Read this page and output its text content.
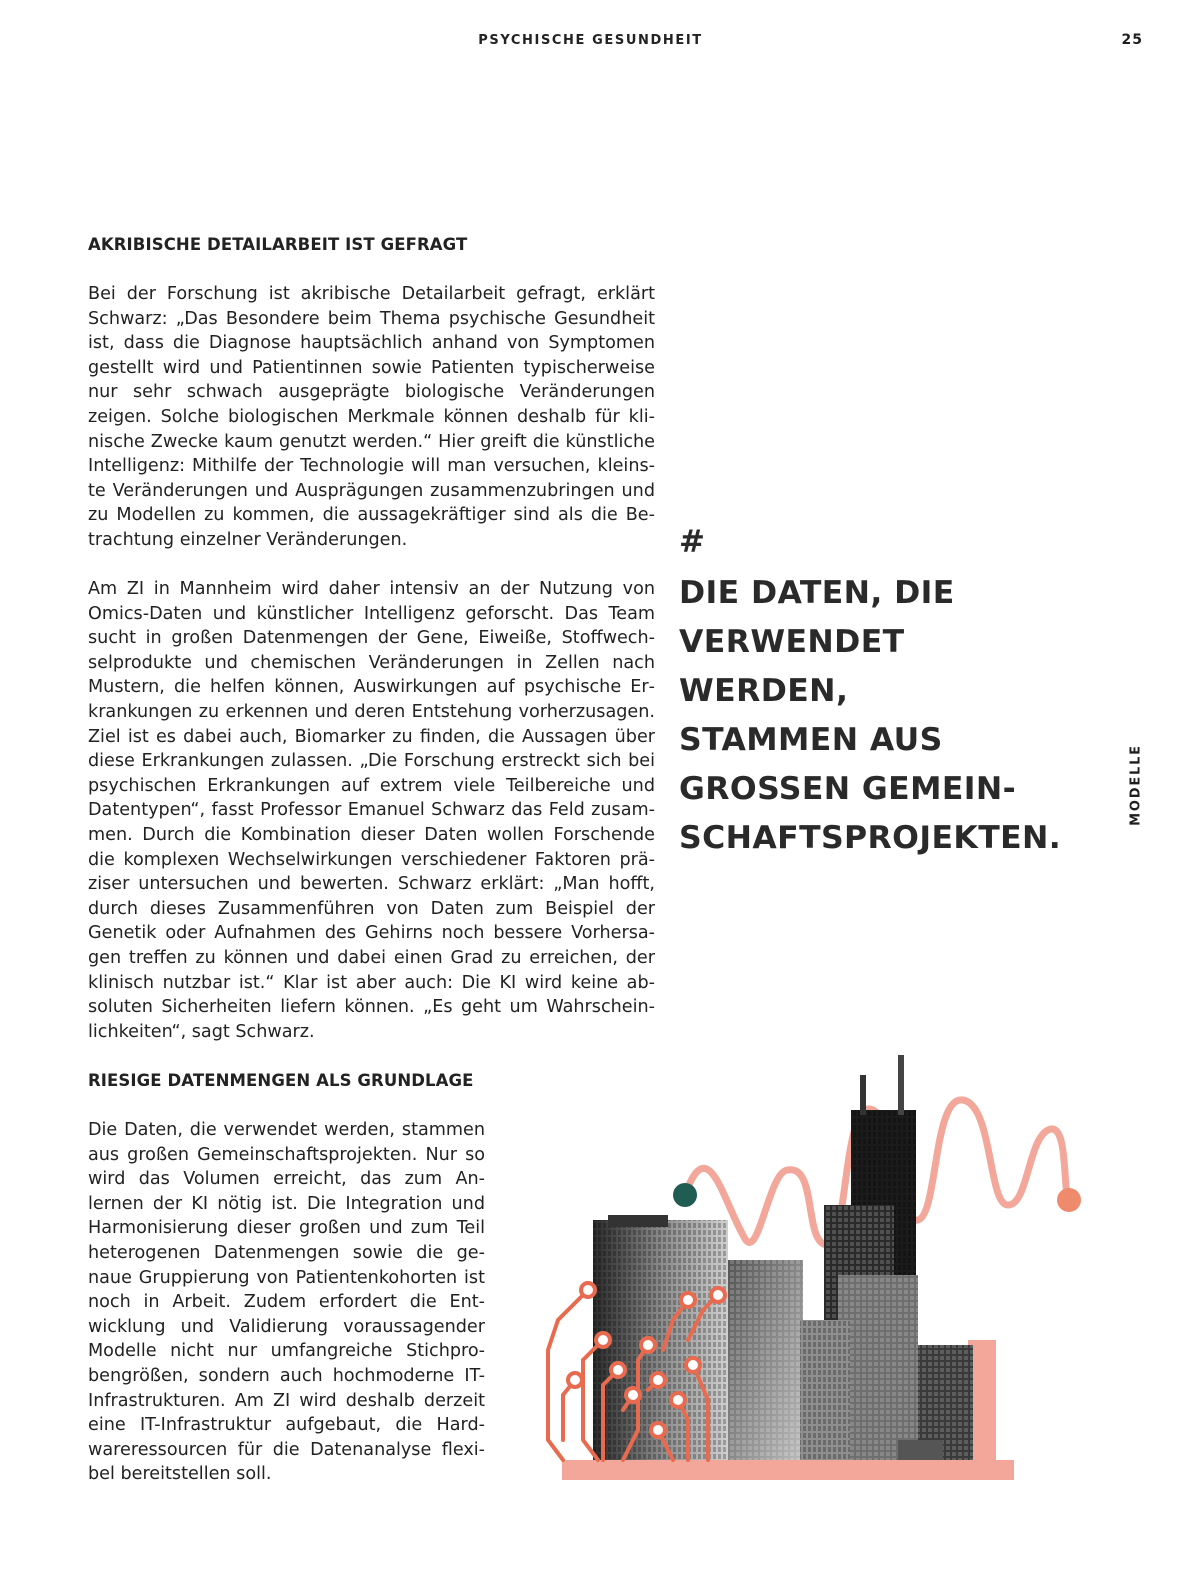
PSYCHISCHE GESUNDHEIT	25
MODELLE
AKRIBISCHE DETAILARBEIT IST GEFRAGT

Bei der Forschung ist akribische Detailarbeit gefragt, erklärt Schwarz: „Das Besondere beim Thema psychische Gesundheit ist, dass die Diagnose hauptsächlich anhand von Symptomen gestellt wird und Patientinnen sowie Patienten typischerweise nur sehr schwach ausgeprägte biologische Veränderungen zeigen. Solche biologischen Merkmale können deshalb für klinische Zwecke kaum genutzt werden.“ Hier greift die künstliche Intelligenz: Mithilfe der Technologie will man versuchen, kleinste Veränderungen und Ausprägungen zusammenzubringen und zu Modellen zu kommen, die aussagekräftiger sind als die Betrachtung einzelner Veränderungen.

Am ZI in Mannheim wird daher intensiv an der Nutzung von Omics-Daten und künstlicher Intelligenz geforscht. Das Team sucht in großen Datenmengen der Gene, Eiweiße, Stoffwechselprodukte und chemischen Veränderungen in Zellen nach Mustern, die helfen können, Auswirkungen auf psychische Erkrankungen zu erkennen und deren Entstehung vorherzusagen. Ziel ist es dabei auch, Biomarker zu finden, die Aussagen über diese Erkrankungen zulassen. „Die Forschung erstreckt sich bei psychischen Erkrankungen auf extrem viele Teilbereiche und Datentypen“, fasst Professor Emanuel Schwarz das Feld zusammen. Durch die Kombination dieser Daten wollen Forschende die komplexen Wechselwirkungen verschiedener Faktoren präziser untersuchen und bewerten. Schwarz erklärt: „Man hofft, durch dieses Zusammenführen von Daten zum Beispiel der Genetik oder Aufnahmen des Gehirns noch bessere Vorhersagen treffen zu können und dabei einen Grad zu erreichen, der klinisch nutzbar ist.“ Klar ist aber auch: Die KI wird keine absoluten Sicherheiten liefern können. „Es geht um Wahrscheinlichkeiten“, sagt Schwarz.

RIESIGE DATENMENGEN ALS GRUNDLAGE

Die Daten, die verwendet werden, stammen aus großen Gemeinschaftsprojekten. Nur so wird das Volumen erreicht, das zum Anlernen der KI nötig ist. Die Integration und Harmonisierung dieser großen und zum Teil heterogenen Datenmengen sowie die genaue Gruppierung von Patientenkohorten ist noch in Arbeit. Zudem erfordert die Entwicklung und Validierung voraussagender Modelle nicht nur umfangreiche Stichprobengrößen, sondern auch hochmoderne IT-Infrastrukturen. Am ZI wird deshalb derzeit eine IT-Infrastruktur aufgebaut, die Hardwareressourcen für die Datenanalyse flexibel bereitstellen soll.

#
DIE DATEN, DIE
VERWENDET WERDEN,
STAMMEN AUS
GROSSEN GEMEIN-
SCHAFTSPROJEKTEN.
